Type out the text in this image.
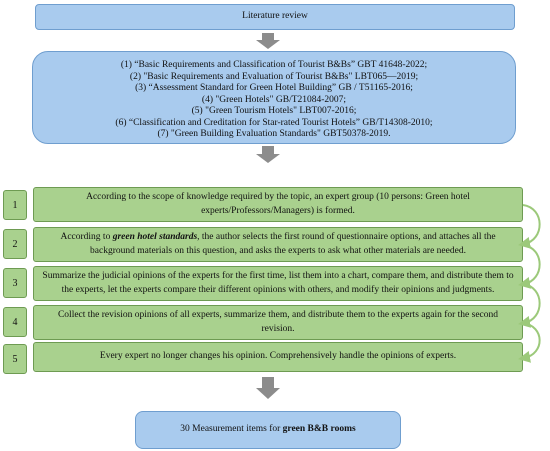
Literature review
(1) “Basic Requirements and Classification of Tourist B&Bs” GBT 41648-2022;
(2) "Basic Requirements and Evaluation of Tourist B&Bs" LBT065—2019;
(3) “Assessment Standard for Green Hotel Building” GB / T51165-2016;
(4) "Green Hotels" GB/T21084-2007;
(5) "Green Tourism Hotels" LBT007-2016;
(6) “Classification and Creditation for Star-rated Tourist Hotels” GB/T14308-2010;
(7) "Green Building Evaluation Standards" GBT50378-2019.
1
According to the scope of knowledge required by the topic, an expert group (10 persons: Green hotel experts/Professors/Managers) is formed.
2
According to green hotel standards, the author selects the first round of questionnaire options, and attaches all the background materials on this question, and asks the experts to ask what other materials are needed.
3
Summarize the judicial opinions of the experts for the first time, list them into a chart, compare them, and distribute them to the experts, let the experts compare their different opinions with others, and modify their opinions and judgments.
4
Collect the revision opinions of all experts, summarize them, and distribute them to the experts again for the second revision.
5	Every expert no longer changes his opinion. Comprehensively handle the opinions of experts.
30 Measurement items for green B&B rooms
